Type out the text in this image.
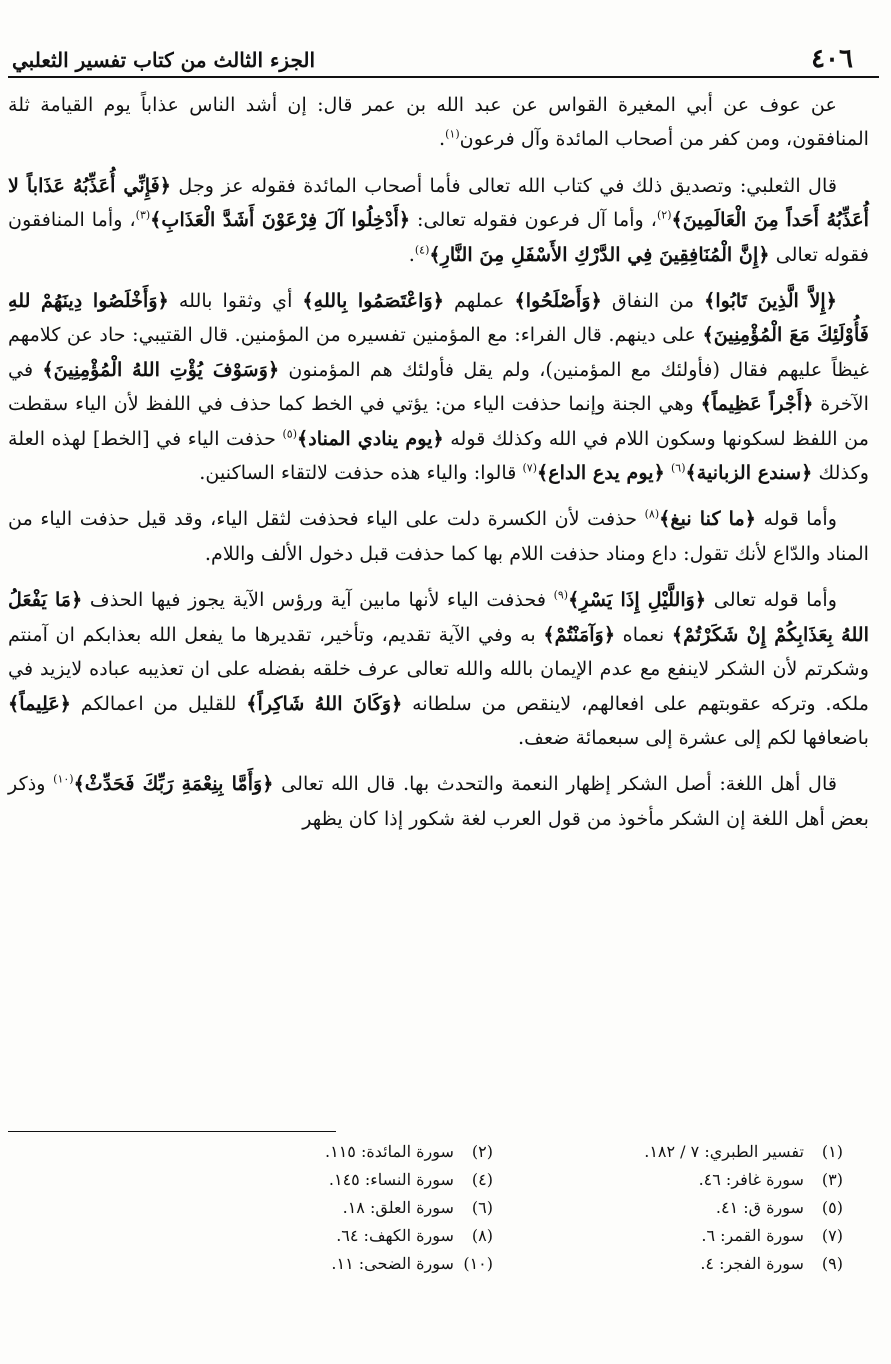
٤٠٦
الجزء الثالث من كتاب تفسير الثعلبي

عن عوف عن أبي المغيرة القواس عن عبد الله بن عمر قال: إن أشد الناس عذاباً يوم القيامة ثلة المنافقون، ومن كفر من أصحاب المائدة وآل فرعون$^{(١)}$.

قال الثعلبي: وتصديق ذلك في كتاب الله تعالى فأما أصحاب المائدة فقوله عز وجل ﴿فَإِنِّي أُعَذِّبُهُ عَذَاباً لا أُعَذِّبُهُ أَحَداً مِنَ الْعَالَمِينَ﴾$^{(٢)}$، وأما آل فرعون فقوله تعالى: ﴿أَدْخِلُوا آلَ فِرْعَوْنَ أَشَدَّ الْعَذَابِ﴾$^{(٣)}$، وأما المنافقون فقوله تعالى ﴿إِنَّ الْمُنَافِقِينَ فِي الدَّرْكِ الأَسْفَلِ مِنَ النَّارِ﴾$^{(٤)}$.

﴿إِلاَّ الَّذِينَ تَابُوا﴾ من النفاق ﴿وَأَصْلَحُوا﴾ عملهم ﴿وَاعْتَصَمُوا بِاللهِ﴾ أي وثقوا بالله ﴿وَأَخْلَصُوا دِينَهُمْ للهِ فَأُوْلَئِكَ مَعَ الْمُؤْمِنِينَ﴾ على دينهم. قال الفراء: مع المؤمنين تفسيره من المؤمنين. قال القتيبي: حاد عن كلامهم غيظاً عليهم فقال (فأولئك مع المؤمنين)، ولم يقل فأولئك هم المؤمنون ﴿وَسَوْفَ يُؤْتِ اللهُ الْمُؤْمِنِينَ﴾ في الآخرة ﴿أَجْراً عَظِيماً﴾ وهي الجنة وإنما حذفت الياء من: يؤتي في الخط كما حذف في اللفظ لأن الياء سقطت من اللفظ لسكونها وسكون اللام في الله وكذلك قوله ﴿يوم ينادي المناد﴾$^{(٥)}$ حذفت الياء في [الخط] لهذه العلة وكذلك ﴿سندع الزبانية﴾$^{(٦)}$ ﴿يوم يدع الداع﴾$^{(٧)}$ قالوا: والياء هذه حذفت لالتقاء الساكنين.

وأما قوله ﴿ما كنا نبغ﴾$^{(٨)}$ حذفت لأن الكسرة دلت على الياء فحذفت لثقل الياء، وقد قيل حذفت الياء من المناد والدّاع لأنك تقول: داع ومناد حذفت اللام بها كما حذفت قبل دخول الألف واللام.

وأما قوله تعالى ﴿وَاللَّيْلِ إِذَا يَسْرِ﴾$^{(٩)}$ فحذفت الياء لأنها مابين آية ورؤس الآية يجوز فيها الحذف ﴿مَا يَفْعَلُ اللهُ بِعَذَابِكُمْ إِنْ شَكَرْتُمْ﴾ نعماه ﴿وَآمَنْتُمْ﴾ به وفي الآية تقديم، وتأخير، تقديرها ما يفعل الله بعذابكم ان آمنتم وشكرتم لأن الشكر لاينفع مع عدم الإيمان بالله والله تعالى عرف خلقه بفضله على ان تعذيبه عباده لايزيد في ملكه. وتركه عقوبتهم على افعالهم، لاينقص من سلطانه ﴿وَكَانَ اللهُ شَاكِراً﴾ للقليل من اعمالكم ﴿عَلِيماً﴾ باضعافها لكم إلى عشرة إلى سبعمائة ضعف.

قال أهل اللغة: أصل الشكر إظهار النعمة والتحدث بها. قال الله تعالى ﴿وَأَمَّا بِنِعْمَةِ رَبِّكَ فَحَدِّثْ﴾$^{(١٠)}$ وذكر بعض أهل اللغة إن الشكر مأخوذ من قول العرب لغة شكور إذا كان يظهر

(١) تفسير الطبري: ٧ / ١٨٢.
(٢) سورة المائدة: ١١٥.
(٣) سورة غافر: ٤٦.
(٤) سورة النساء: ١٤٥.
(٥) سورة ق: ٤١.
(٦) سورة العلق: ١٨.
(٧) سورة القمر: ٦.
(٨) سورة الكهف: ٦٤.
(٩) سورة الفجر: ٤.
(١٠) سورة الضحى: ١١.
